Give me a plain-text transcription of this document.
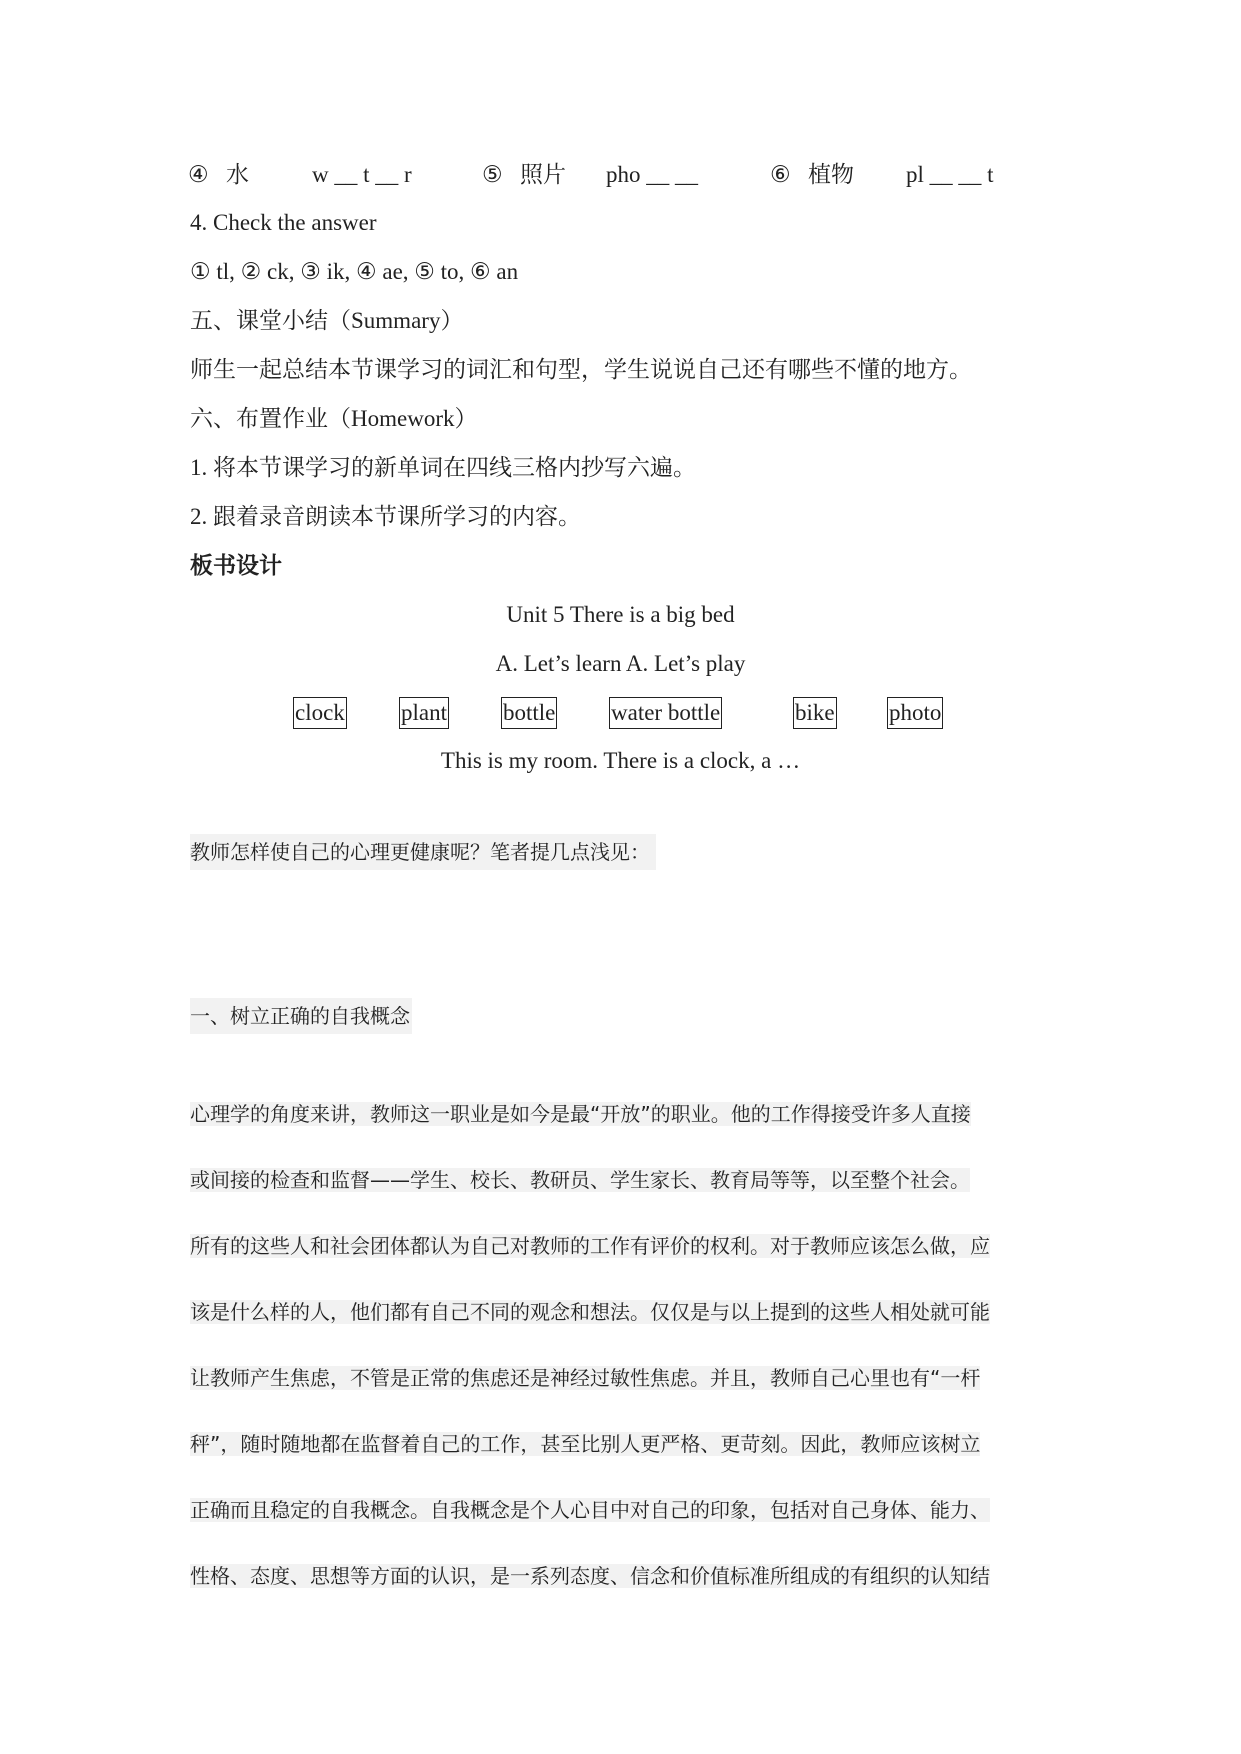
④ 水	w __ t __ r	⑤ 照片 pho __ __	⑥ 植物 pl __ __ t
4. Check the answer
① tl, ② ck, ③ ik, ④ ae, ⑤ to, ⑥ an
五、课堂小结（Summary）
师生一起总结本节课学习的词汇和句型，学生说说自己还有哪些不懂的地方。
六、布置作业（Homework）
1. 将本节课学习的新单词在四线三格内抄写六遍。
2. 跟着录音朗读本节课所学习的内容。
板书设计
Unit 5 There is a big bed
A. Let’s learn A. Let’s play
clock plant bottle water bottle	bike photo
This is my room. There is a clock, a …
教师怎样使自己的心理更健康呢？笔者提几点浅见：
一、树立正确的自我概念
心理学的角度来讲，教师这一职业是如今是最“开放”的职业。他的工作得接受许多人直接
或间接的检查和监督——学生、校长、教研员、学生家长、教育局等等，以至整个社会。
所有的这些人和社会团体都认为自己对教师的工作有评价的权利。对于教师应该怎么做，应
该是什么样的人，他们都有自己不同的观念和想法。仅仅是与以上提到的这些人相处就可能
让教师产生焦虑，不管是正常的焦虑还是神经过敏性焦虑。并且，教师自己心里也有“一杆
秤”，随时随地都在监督着自己的工作，甚至比别人更严格、更苛刻。因此，教师应该树立
正确而且稳定的自我概念。自我概念是个人心目中对自己的印象，包括对自己身体、能力、
性格、态度、思想等方面的认识，是一系列态度、信念和价值标准所组成的有组织的认知结
